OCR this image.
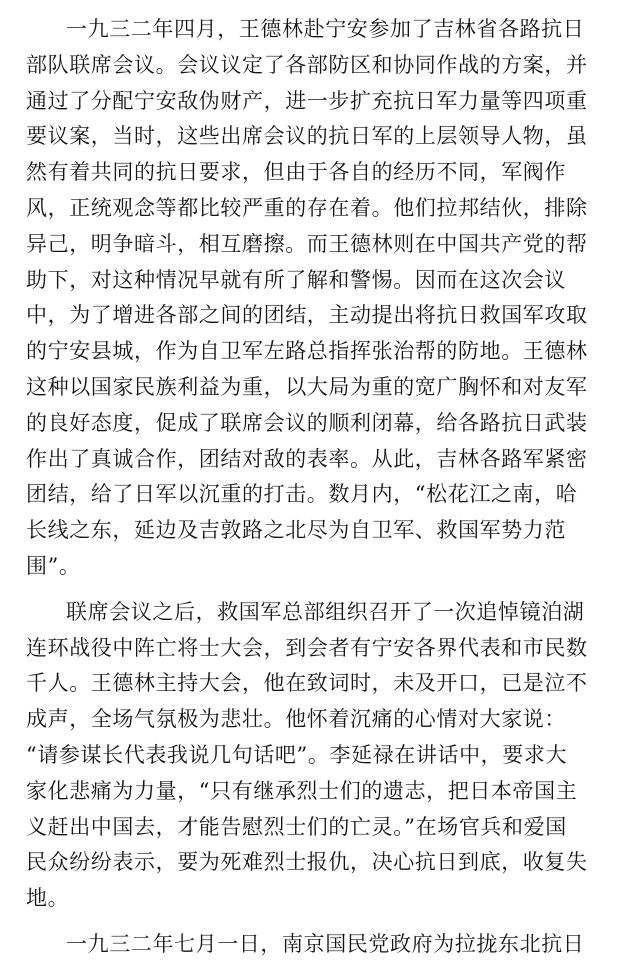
一九三二年四月，王德林赴宁安参加了吉林省各路抗日
部队联席会议。会议议定了各部防区和协同作战的方案，并
通过了分配宁安敌伪财产，进一步扩充抗日军力量等四项重
要议案，当时，这些出席会议的抗日军的上层领导人物，虽
然有着共同的抗日要求，但由于各自的经历不同，军阀作
风，正统观念等都比较严重的存在着。他们拉邦结伙，排除
异己，明争暗斗，相互磨擦。而王德林则在中国共产党的帮
助下，对这种情况早就有所了解和警惕。因而在这次会议
中，为了增进各部之间的团结，主动提出将抗日救国军攻取
的宁安县城，作为自卫军左路总指挥张治帮的防地。王德林
这种以国家民族利益为重，以大局为重的宽广胸怀和对友军
的良好态度，促成了联席会议的顺利闭幕，给各路抗日武装
作出了真诚合作，团结对敌的表率。从此，吉林各路军紧密
团结，给了日军以沉重的打击。数月内，“松花江之南，哈
长线之东，延边及吉敦路之北尽为自卫军、救国军势力范
围”。
联席会议之后，救国军总部组织召开了一次追悼镜泊湖
连环战役中阵亡将士大会，到会者有宁安各界代表和市民数
千人。王德林主持大会，他在致词时，未及开口，已是泣不
成声，全场气氛极为悲壮。他怀着沉痛的心情对大家说：
“请参谋长代表我说几句话吧”。李延禄在讲话中，要求大
家化悲痛为力量，“只有继承烈士们的遗志，把日本帝国主
义赶出中国去，才能告慰烈士们的亡灵。”在场官兵和爱国
民众纷纷表示，要为死难烈士报仇，决心抗日到底，收复失
地。
一九三二年七月一日，南京国民党政府为拉拢东北抗日
